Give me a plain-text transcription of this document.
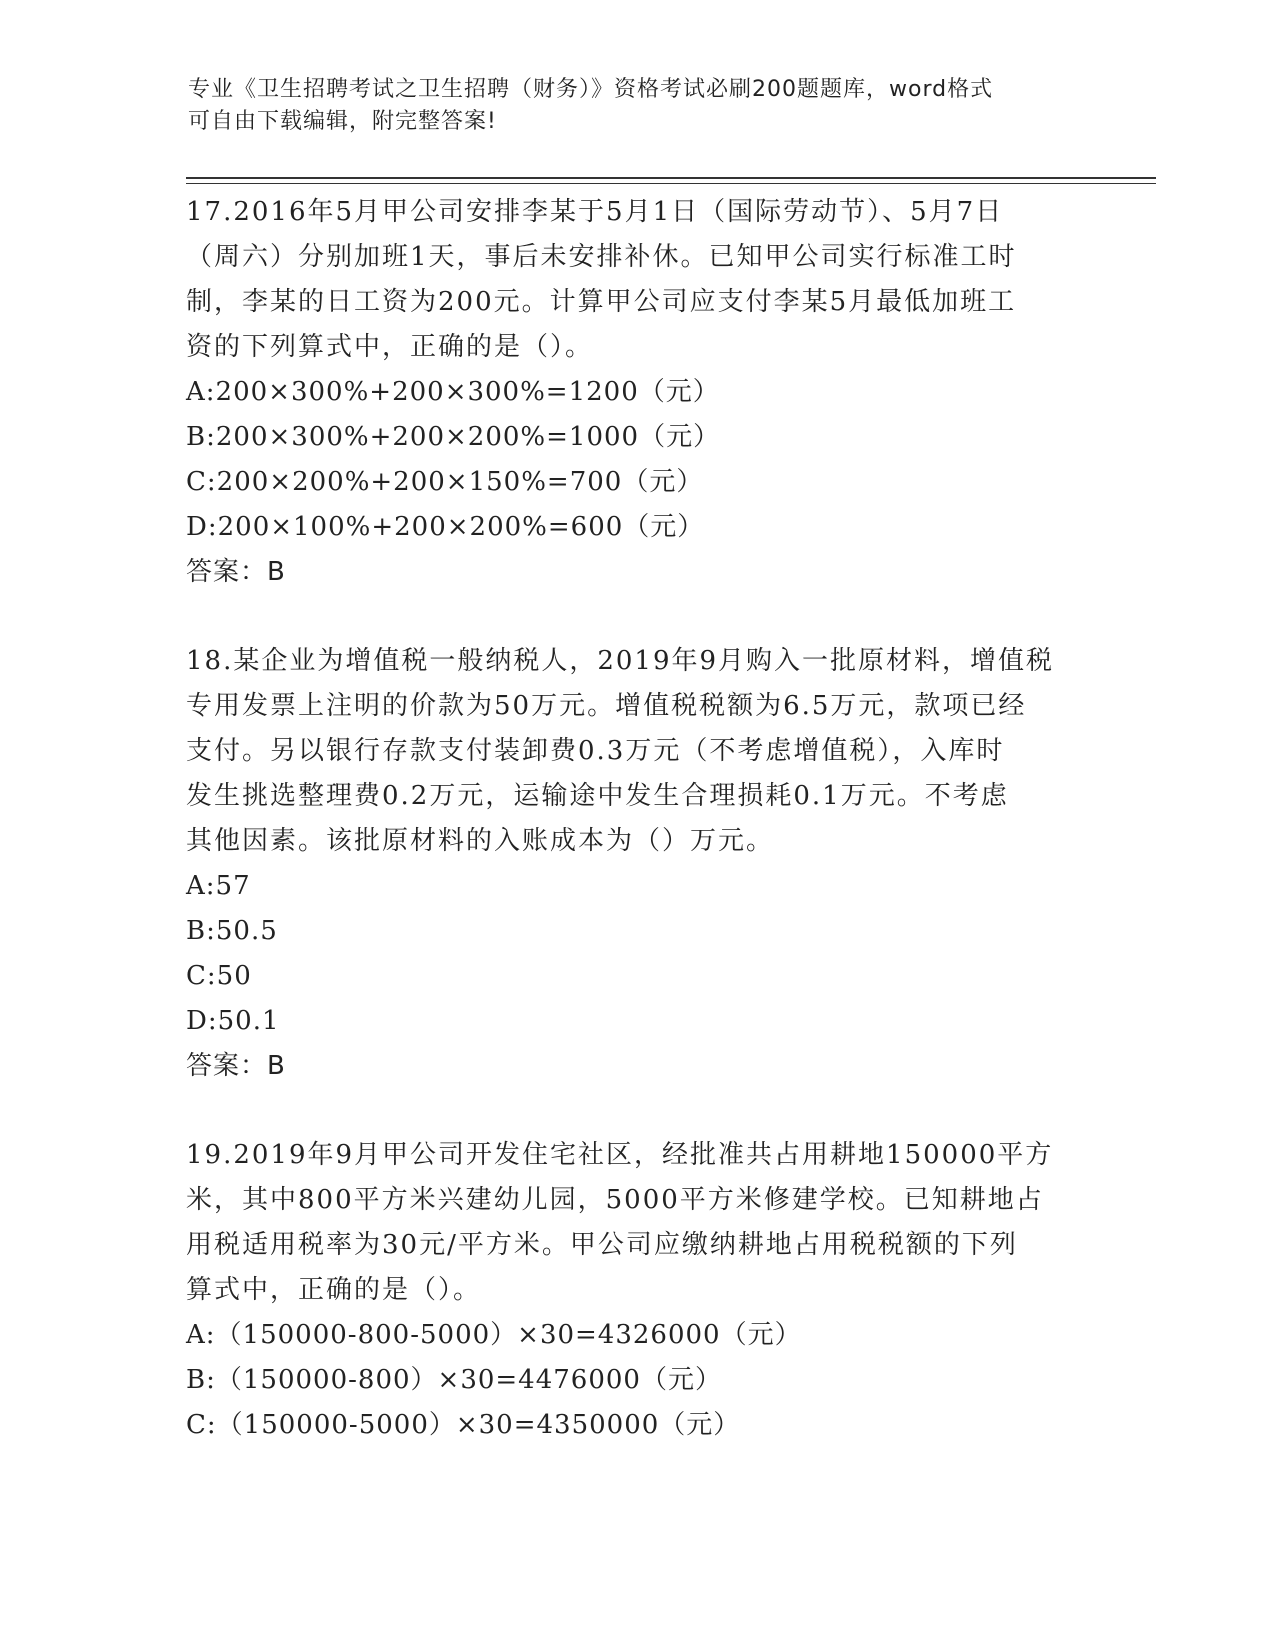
专业《卫生招聘考试之卫生招聘（财务）》资格考试必刷200题题库，word格式
可自由下载编辑，附完整答案!
17.2016年5月甲公司安排李某于5月1日（国际劳动节）、5月7日
（周六）分别加班1天，事后未安排补休。已知甲公司实行标准工时
制，李某的日工资为200元。计算甲公司应支付李某5月最低加班工
资的下列算式中，正确的是（）。
A:200×300%+200×300%=1200（元）
B:200×300%+200×200%=1000（元）
C:200×200%+200×150%=700（元）
D:200×100%+200×200%=600（元）
答案：B
18.某企业为增值税一般纳税人，2019年9月购入一批原材料，增值税
专用发票上注明的价款为50万元。增值税税额为6.5万元，款项已经
支付。另以银行存款支付装卸费0.3万元（不考虑增值税），入库时
发生挑选整理费0.2万元，运输途中发生合理损耗0.1万元。不考虑
其他因素。该批原材料的入账成本为（）万元。
A:57
B:50.5
C:50
D:50.1
答案：B
19.2019年9月甲公司开发住宅社区，经批准共占用耕地150000平方
米，其中800平方米兴建幼儿园，5000平方米修建学校。已知耕地占
用税适用税率为30元/平方米。甲公司应缴纳耕地占用税税额的下列
算式中，正确的是（）。
A:（150000-800-5000）×30=4326000（元）
B:（150000-800）×30=4476000（元）
C:（150000-5000）×30=4350000（元）
